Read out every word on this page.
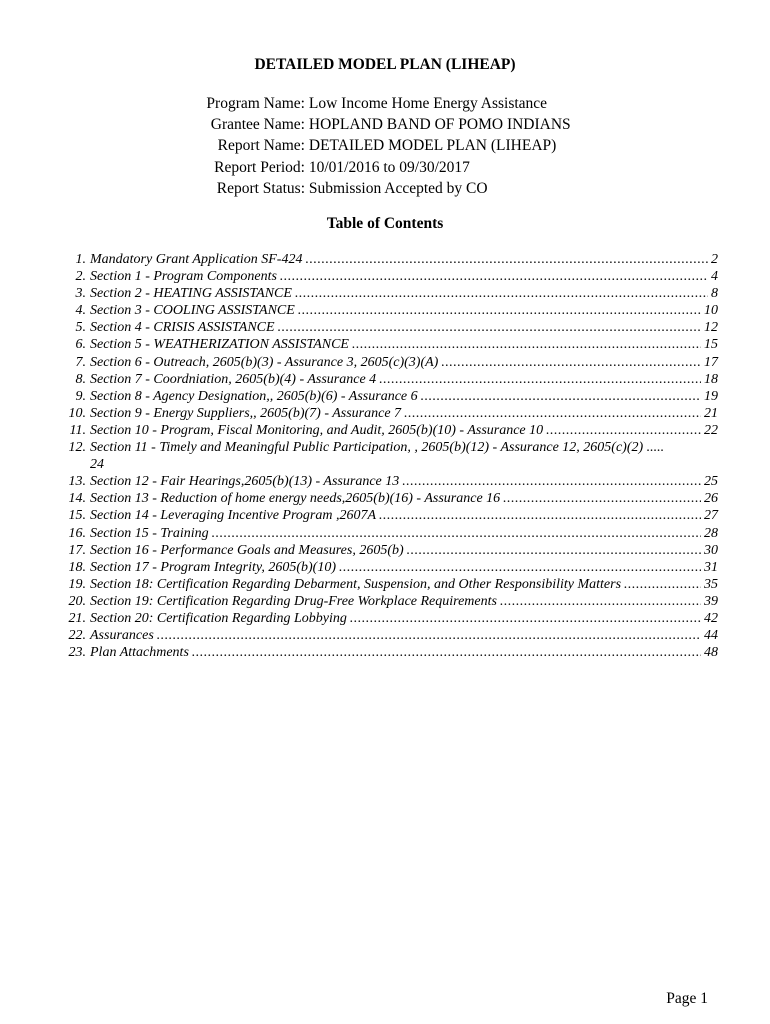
DETAILED MODEL PLAN (LIHEAP)
Program Name: Low Income Home Energy Assistance
Grantee Name: HOPLAND BAND OF POMO INDIANS
Report Name: DETAILED MODEL PLAN (LIHEAP)
Report Period: 10/01/2016 to 09/30/2017
Report Status: Submission Accepted by CO
Table of Contents
1. Mandatory Grant Application SF-424 .....	2
2. Section 1 - Program Components .....	4
3. Section 2 - HEATING ASSISTANCE .....	8
4. Section 3 - COOLING ASSISTANCE .....	10
5. Section 4 - CRISIS ASSISTANCE .....	12
6. Section 5 - WEATHERIZATION ASSISTANCE .....	15
7. Section 6 - Outreach, 2605(b)(3) - Assurance 3, 2605(c)(3)(A) .....	17
8. Section 7 - Coordniation, 2605(b)(4) - Assurance 4 .....	18
9. Section 8 - Agency Designation,, 2605(b)(6) - Assurance 6 .....	19
10. Section 9 - Energy Suppliers,, 2605(b)(7) - Assurance 7 .....	21
11. Section 10 - Program, Fiscal Monitoring, and Audit, 2605(b)(10) - Assurance 10 .....	22
12. Section 11 - Timely and Meaningful Public Participation, , 2605(b)(12) - Assurance 12, 2605(c)(2) .....
24
13. Section 12 - Fair Hearings,2605(b)(13) - Assurance 13 .....	25
14. Section 13 - Reduction of home energy needs,2605(b)(16) - Assurance 16 .....	26
15. Section 14 - Leveraging Incentive Program ,2607A .....	27
16. Section 15 - Training .....	28
17. Section 16 - Performance Goals and Measures, 2605(b) .....	30
18. Section 17 - Program Integrity, 2605(b)(10) .....	31
19. Section 18: Certification Regarding Debarment, Suspension, and Other Responsibility Matters .....	35
20. Section 19: Certification Regarding Drug-Free Workplace Requirements .....	39
21. Section 20: Certification Regarding Lobbying .....	42
22. Assurances .....	44
23. Plan Attachments .....	48
Page 1
